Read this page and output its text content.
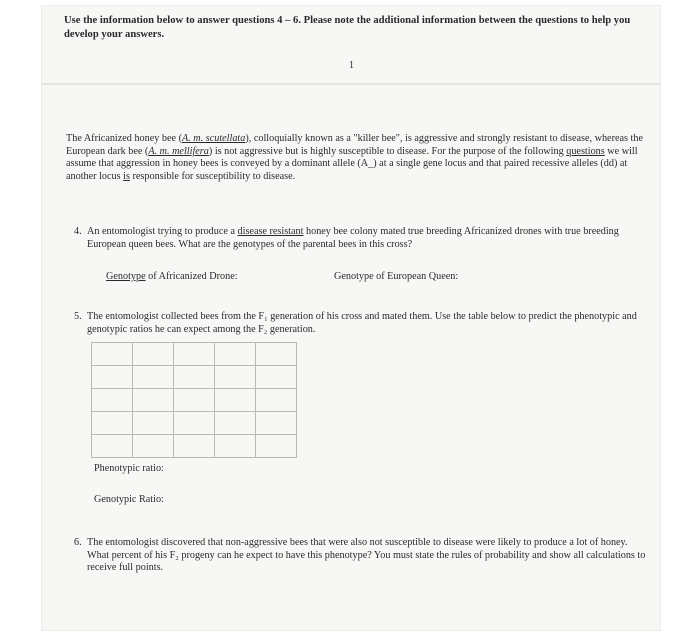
Use the information below to answer questions 4 – 6. Please note the additional information between the questions to help you develop your answers.
1
The Africanized honey bee (A. m. scutellata), colloquially known as a "killer bee", is aggressive and strongly resistant to disease, whereas the European dark bee (A. m. mellifera) is not aggressive but is highly susceptible to disease. For the purpose of the following questions we will assume that aggression in honey bees is conveyed by a dominant allele (A_) at a single gene locus and that paired recessive alleles (dd) at another locus is responsible for susceptibility to disease.
4. An entomologist trying to produce a disease resistant honey bee colony mated true breeding Africanized drones with true breeding European queen bees. What are the genotypes of the parental bees in this cross?
Genotype of Africanized Drone:	Genotype of European Queen:
5. The entomologist collected bees from the F₁ generation of his cross and mated them. Use the table below to predict the phenotypic and genotypic ratios he can expect among the F₂ generation.

Phenotypic ratio:
Genotypic Ratio:
6. The entomologist discovered that non-aggressive bees that were also not susceptible to disease were likely to produce a lot of honey. What percent of his F₂ progeny can he expect to have this phenotype? You must state the rules of probability and show all calculations to receive full points.
